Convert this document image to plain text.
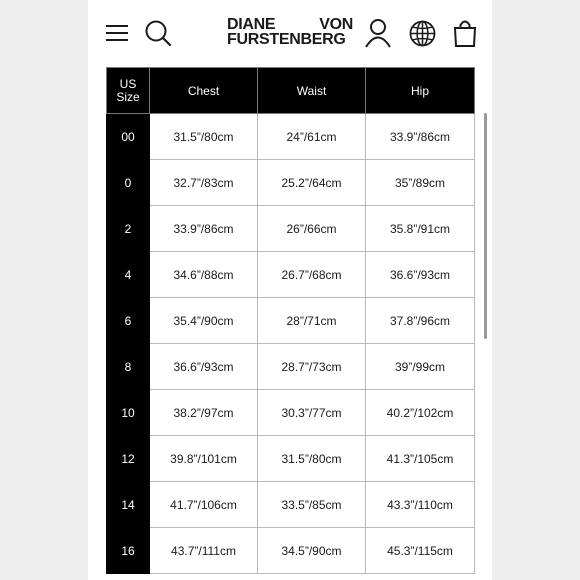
DIANE	VON
FURSTENBERG
US
Size	Chest	Waist	Hip
00	31.5”/80cm	24”/61cm	33.9”/86cm
0	32.7”/83cm	25.2”/64cm	35”/89cm
2	33.9”/86cm	26”/66cm	35.8”/91cm
4	34.6”/88cm	26.7”/68cm	36.6”/93cm
6	35.4”/90cm	28”/71cm	37.8”/96cm
8	36.6”/93cm	28.7”/73cm	39”/99cm
10	38.2”/97cm	30.3”/77cm	40.2”/102cm
12	39.8”/101cm	31.5”/80cm	41.3”/105cm
14	41.7”/106cm	33.5”/85cm	43.3”/110cm
16	43.7”/111cm	34.5”/90cm	45.3”/115cm
